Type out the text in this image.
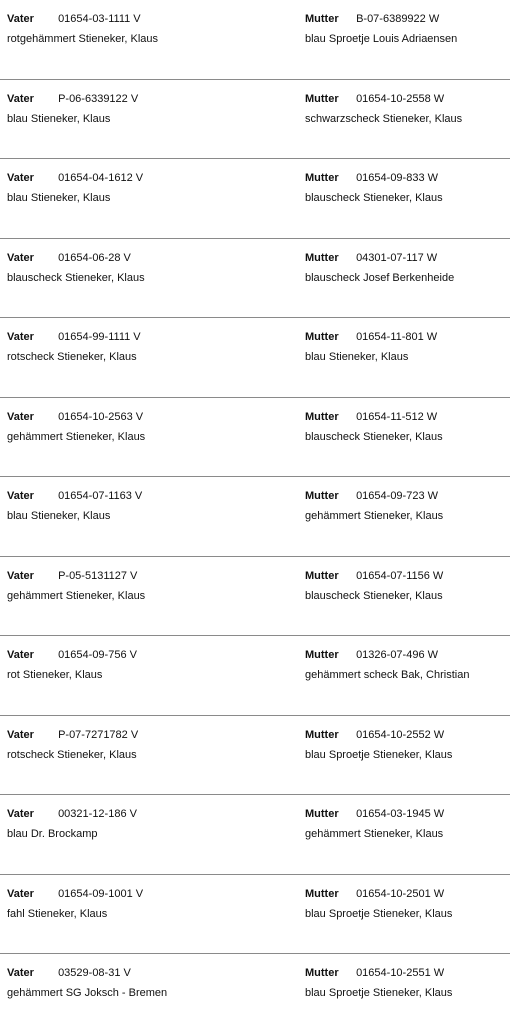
Vater 01654-03-1111 V
rotgehämmert Stieneker, Klaus
Mutter B-07-6389922 W
blau Sproetje Louis Adriaensen
Vater P-06-6339122 V
blau Stieneker, Klaus
Mutter 01654-10-2558 W
schwarzscheck Stieneker, Klaus
Vater 01654-04-1612 V
blau Stieneker, Klaus
Mutter 01654-09-833 W
blauscheck Stieneker, Klaus
Vater 01654-06-28 V
blauscheck Stieneker, Klaus
Mutter 04301-07-117 W
blauscheck Josef Berkenheide
Vater 01654-99-1111 V
rotscheck Stieneker, Klaus
Mutter 01654-11-801 W
blau Stieneker, Klaus
Vater 01654-10-2563 V
gehämmert Stieneker, Klaus
Mutter 01654-11-512 W
blauscheck Stieneker, Klaus
Vater 01654-07-1163 V
blau Stieneker, Klaus
Mutter 01654-09-723 W
gehämmert Stieneker, Klaus
Vater P-05-5131127 V
gehämmert Stieneker, Klaus
Mutter 01654-07-1156 W
blauscheck Stieneker, Klaus
Vater 01654-09-756 V
rot Stieneker, Klaus
Mutter 01326-07-496 W
gehämmert scheck Bak, Christian
Vater P-07-7271782 V
rotscheck Stieneker, Klaus
Mutter 01654-10-2552 W
blau Sproetje Stieneker, Klaus
Vater 00321-12-186 V
blau Dr. Brockamp
Mutter 01654-03-1945 W
gehämmert Stieneker, Klaus
Vater 01654-09-1001 V
fahl Stieneker, Klaus
Mutter 01654-10-2501 W
blau Sproetje Stieneker, Klaus
Vater 03529-08-31 V
gehämmert SG Joksch - Bremen
Mutter 01654-10-2551 W
blau Sproetje Stieneker, Klaus
